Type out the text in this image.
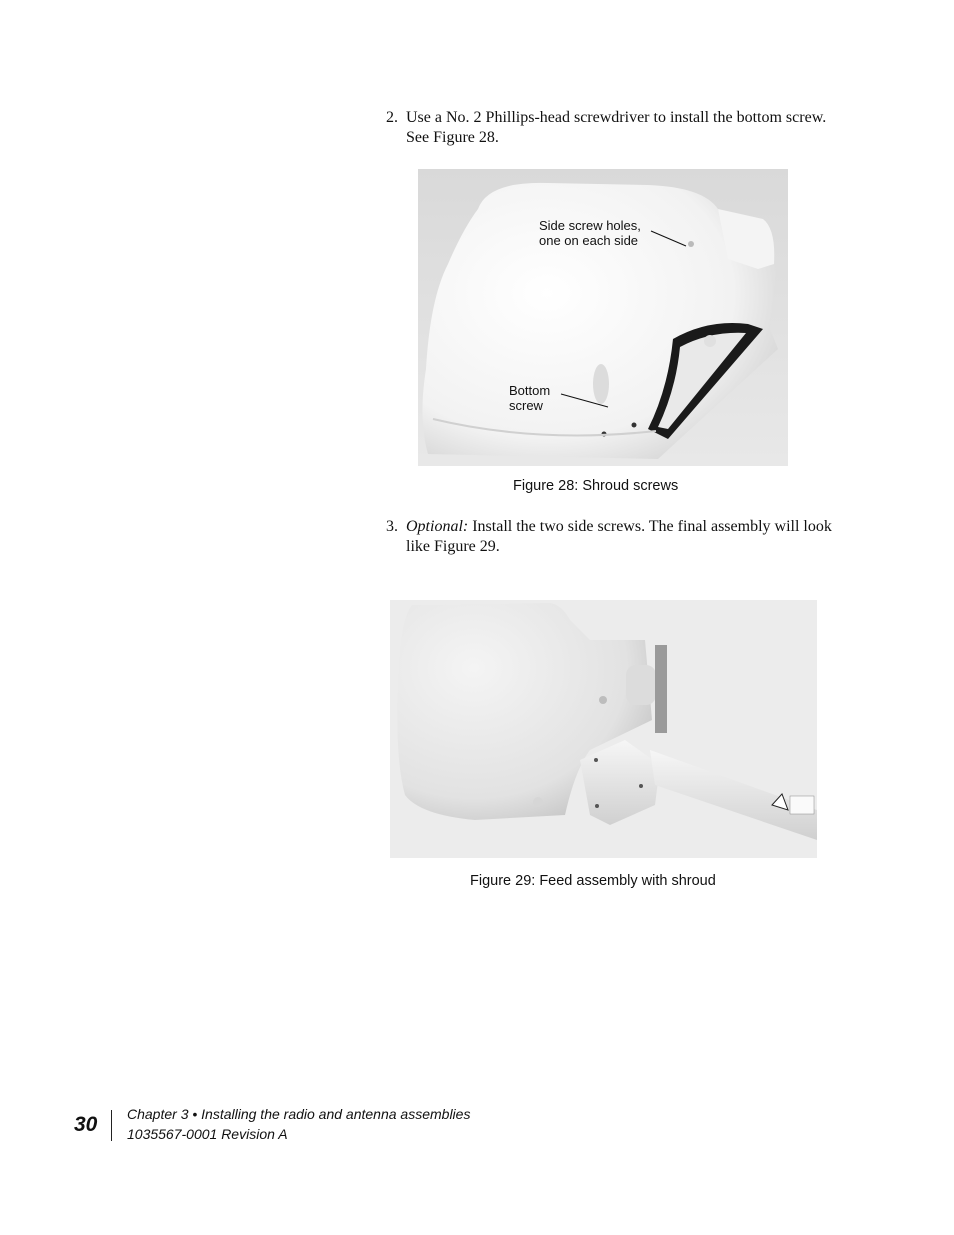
2. Use a No. 2 Phillips-head screwdriver to install the bottom screw. See Figure 28.
Side screw holes,
one on each side
Bottom
screw
Figure 28: Shroud screws
3. Optional: Install the two side screws. The final assembly will look like Figure 29.
Figure 29: Feed assembly with shroud
30 Chapter 3 • Installing the radio and antenna assemblies
1035567-0001 Revision A
